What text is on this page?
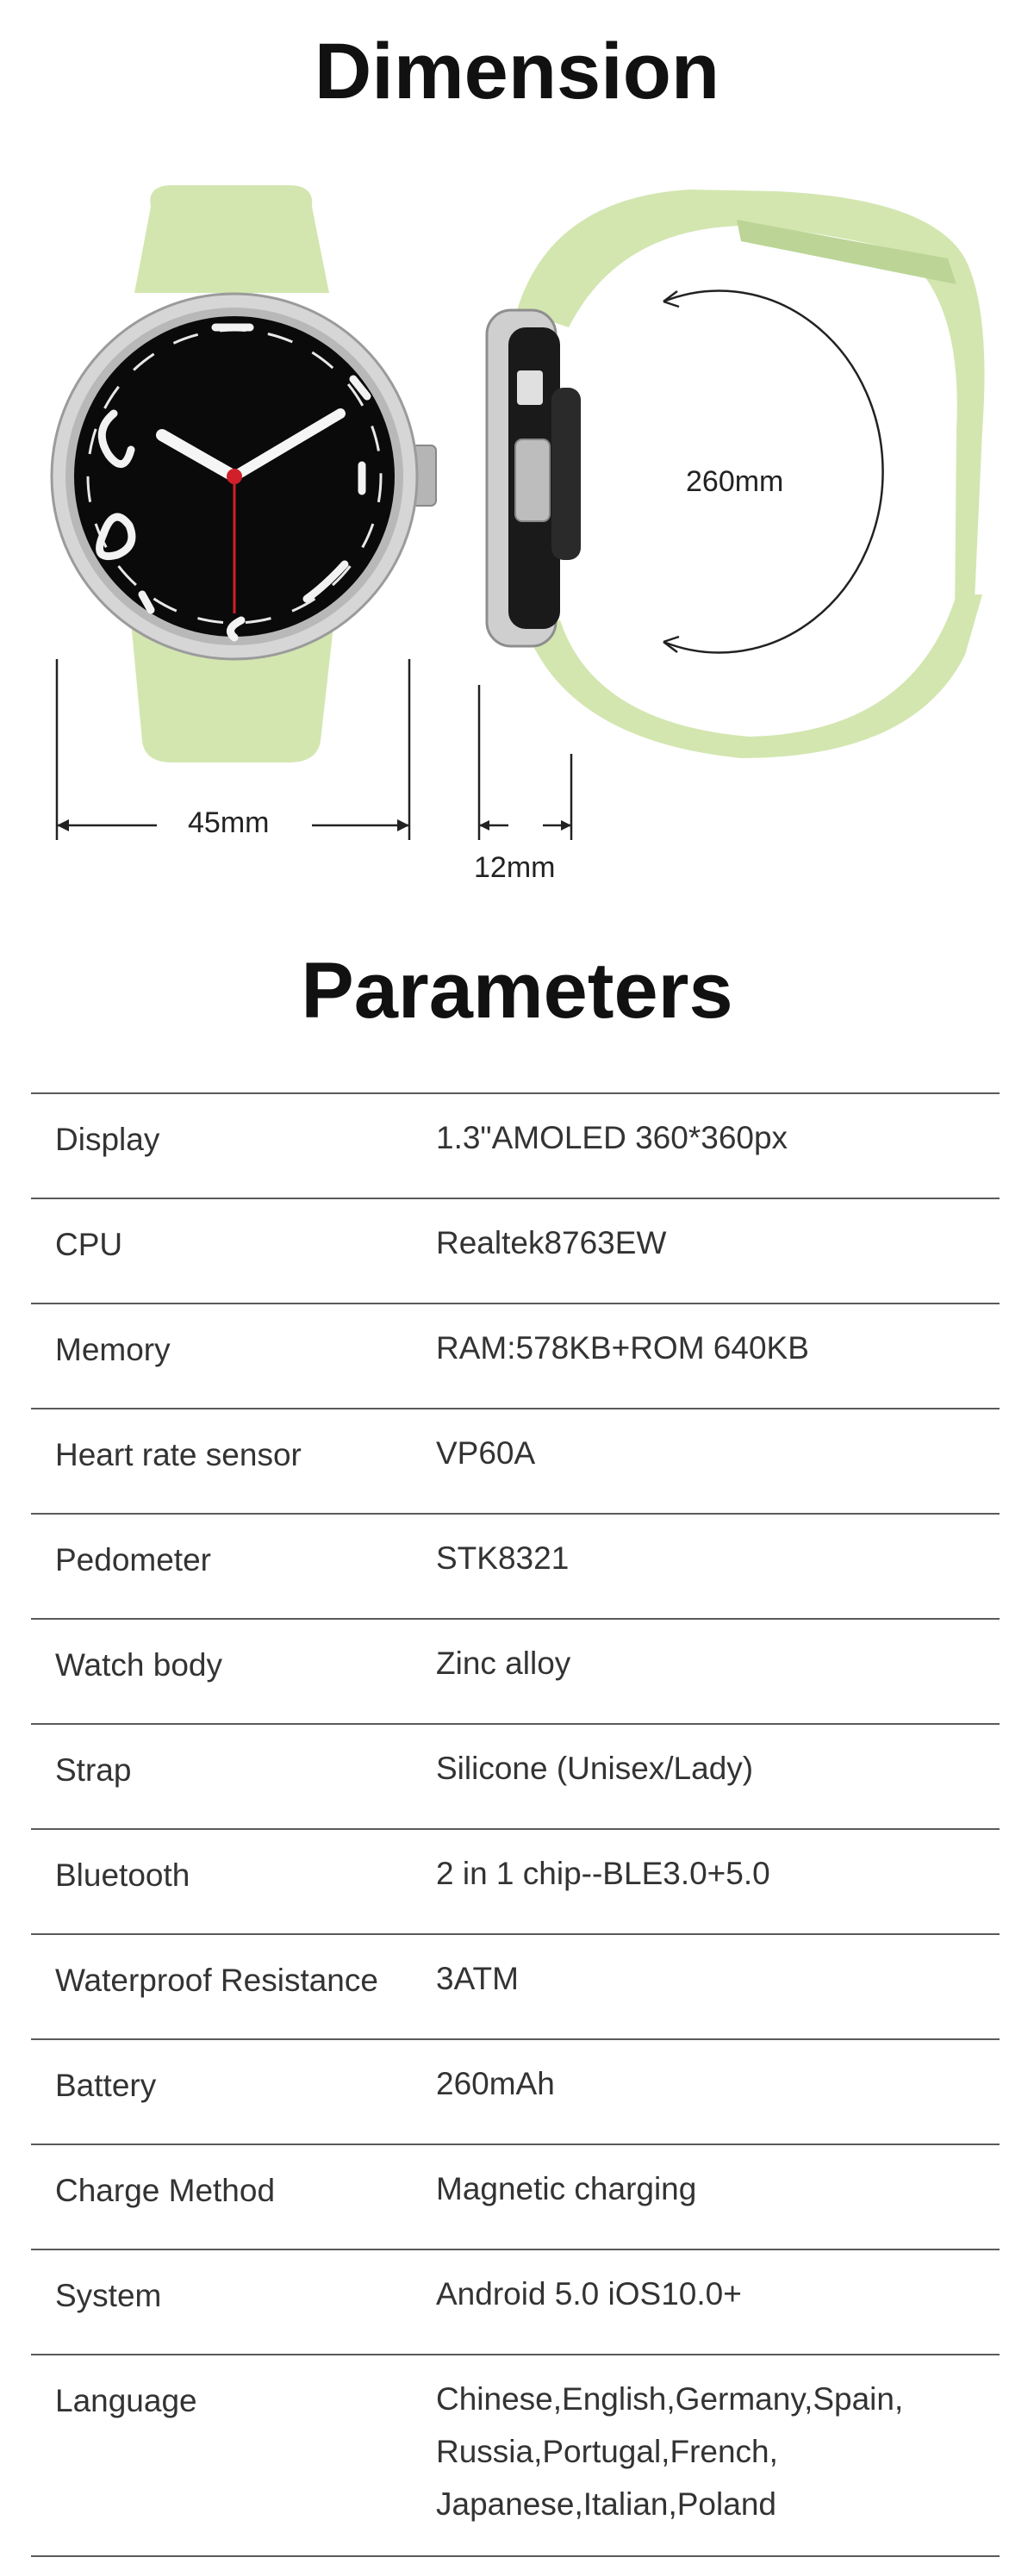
Dimension
45mm
12mm
260mm
Parameters
Display	1.3"AMOLED 360*360px
CPU	Realtek8763EW
Memory	RAM:578KB+ROM 640KB
Heart rate sensor	VP60A
Pedometer	STK8321
Watch body	Zinc alloy
Strap	Silicone (Unisex/Lady)
Bluetooth	2 in 1 chip--BLE3.0+5.0
Waterproof Resistance 3ATM
Battery	260mAh
Charge Method	Magnetic charging
System	Android 5.0 iOS10.0+
Language	Chinese,English,Germany,Spain,
Russia,Portugal,French,
Japanese,Italian,Poland
